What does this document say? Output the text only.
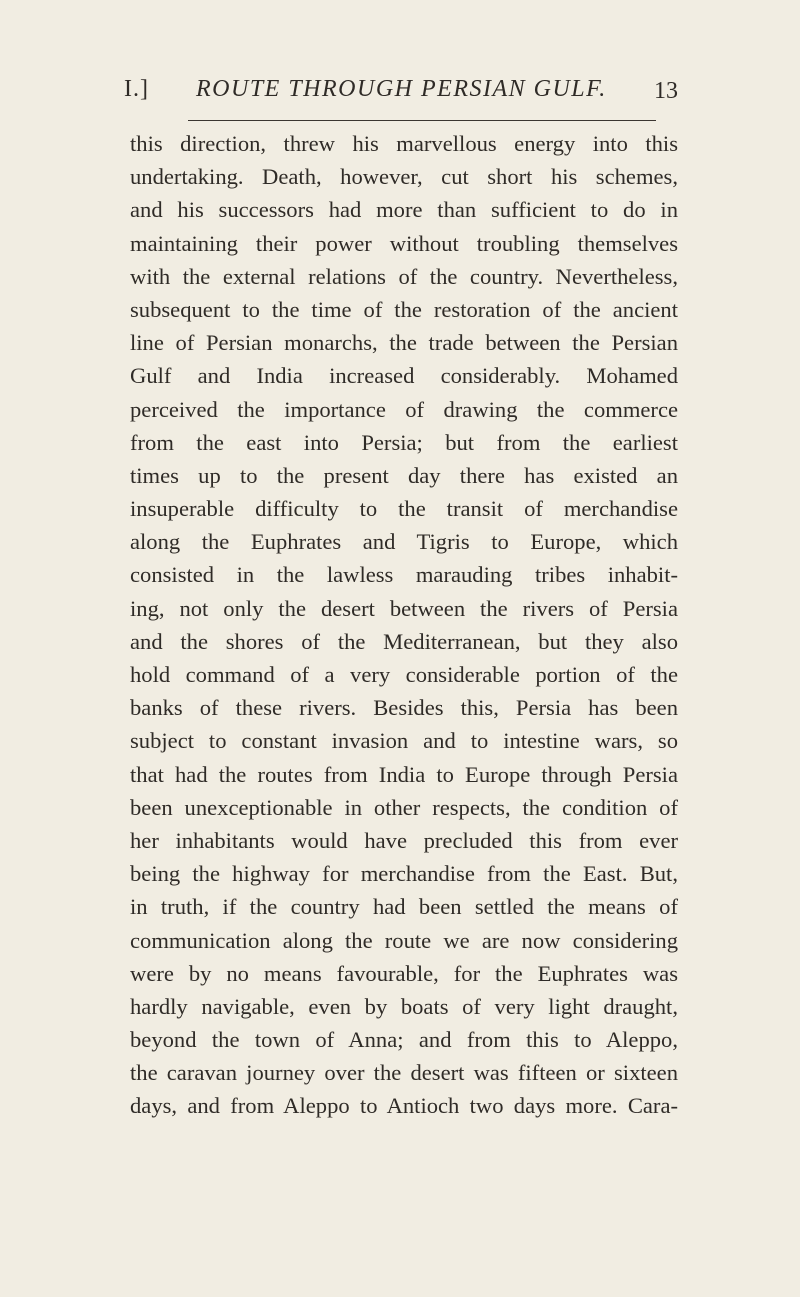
I.] ROUTE THROUGH PERSIAN GULF. 13
this direction, threw his marvellous energy into this
undertaking. Death, however, cut short his schemes,
and his successors had more than sufficient to do in
maintaining their power without troubling themselves
with the external relations of the country. Nevertheless,
subsequent to the time of the restoration of the ancient
line of Persian monarchs, the trade between the Persian
Gulf and India increased considerably. Mohamed
perceived the importance of drawing the commerce
from the east into Persia; but from the earliest
times up to the present day there has existed an
insuperable difficulty to the transit of merchandise
along the Euphrates and Tigris to Europe, which
consisted in the lawless marauding tribes inhabit-
ing, not only the desert between the rivers of Persia
and the shores of the Mediterranean, but they also
hold command of a very considerable portion of the
banks of these rivers. Besides this, Persia has been
subject to constant invasion and to intestine wars, so
that had the routes from India to Europe through Persia
been unexceptionable in other respects, the condition of
her inhabitants would have precluded this from ever
being the highway for merchandise from the East. But,
in truth, if the country had been settled the means of
communication along the route we are now considering
were by no means favourable, for the Euphrates was
hardly navigable, even by boats of very light draught,
beyond the town of Anna; and from this to Aleppo,
the caravan journey over the desert was fifteen or sixteen
days, and from Aleppo to Antioch two days more. Cara-
